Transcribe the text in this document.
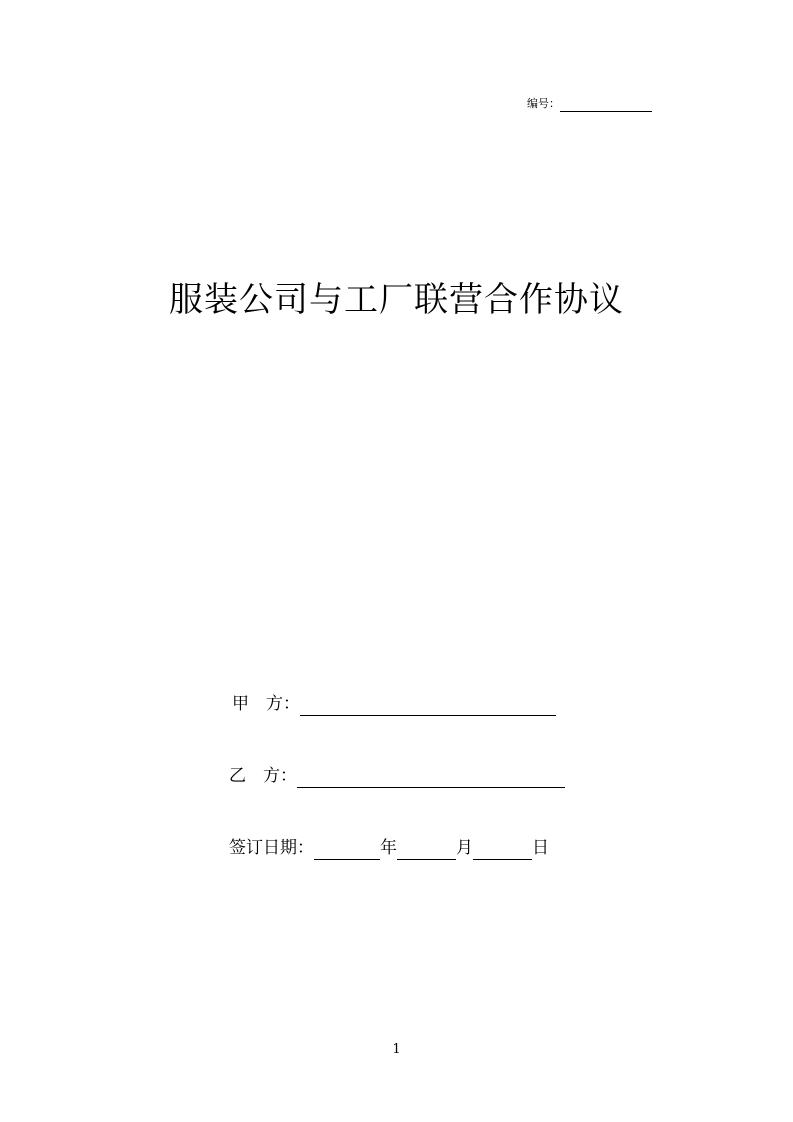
编号：
服装公司与工厂联营合作协议
甲　方：
乙　方：
签订日期：	年	月	日
1
